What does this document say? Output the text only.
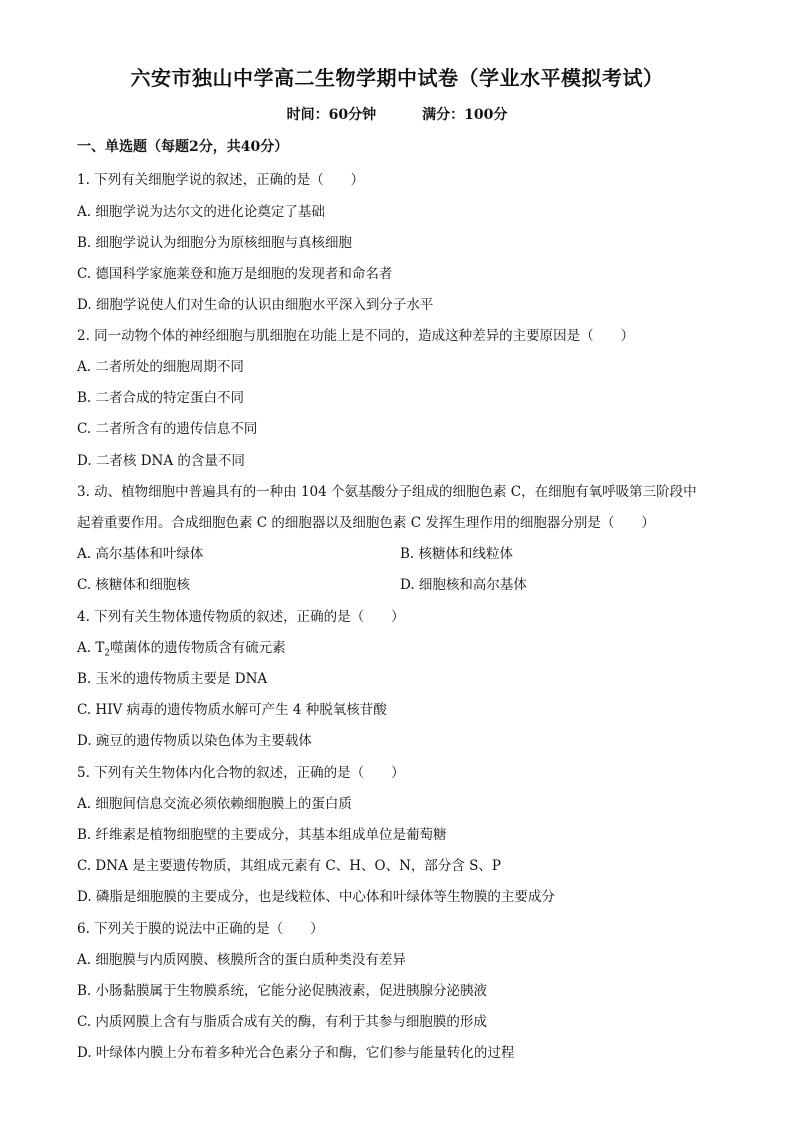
六安市独山中学高二生物学期中试卷（学业水平模拟考试）
时间：60分钟	满分：100分
一、单选题（每题2分，共40分）
1. 下列有关细胞学说的叙述，正确的是（　　）
A. 细胞学说为达尔文的进化论奠定了基础
B. 细胞学说认为细胞分为原核细胞与真核细胞
C. 德国科学家施莱登和施万是细胞的发现者和命名者
D. 细胞学说使人们对生命的认识由细胞水平深入到分子水平
2. 同一动物个体的神经细胞与肌细胞在功能上是不同的，造成这种差异的主要原因是（　　）
A. 二者所处的细胞周期不同
B. 二者合成的特定蛋白不同
C. 二者所含有的遗传信息不同
D. 二者核 DNA 的含量不同
3. 动、植物细胞中普遍具有的一种由 104 个氨基酸分子组成的细胞色素 C，在细胞有氧呼吸第三阶段中
起着重要作用。合成细胞色素 C 的细胞器以及细胞色素 C 发挥生理作用的细胞器分别是（　　）
A. 高尔基体和叶绿体	B. 核糖体和线粒体
C. 核糖体和细胞核	D. 细胞核和高尔基体
4. 下列有关生物体遗传物质的叙述，正确的是（　　）
A. $T_2$噬菌体的遗传物质含有硫元素
B. 玉米的遗传物质主要是 DNA
C. HIV 病毒的遗传物质水解可产生 4 种脱氧核苷酸
D. 豌豆的遗传物质以染色体为主要载体
5. 下列有关生物体内化合物的叙述，正确的是（　　）
A. 细胞间信息交流必须依赖细胞膜上的蛋白质
B. 纤维素是植物细胞壁的主要成分，其基本组成单位是葡萄糖
C. DNA 是主要遗传物质，其组成元素有 C、H、O、N，部分含 S、P
D. 磷脂是细胞膜的主要成分，也是线粒体、中心体和叶绿体等生物膜的主要成分
6. 下列关于膜的说法中正确的是（　　）
A. 细胞膜与内质网膜、核膜所含的蛋白质种类没有差异
B. 小肠黏膜属于生物膜系统，它能分泌促胰液素，促进胰腺分泌胰液
C. 内质网膜上含有与脂质合成有关的酶，有利于其参与细胞膜的形成
D. 叶绿体内膜上分布着多种光合色素分子和酶，它们参与能量转化的过程
